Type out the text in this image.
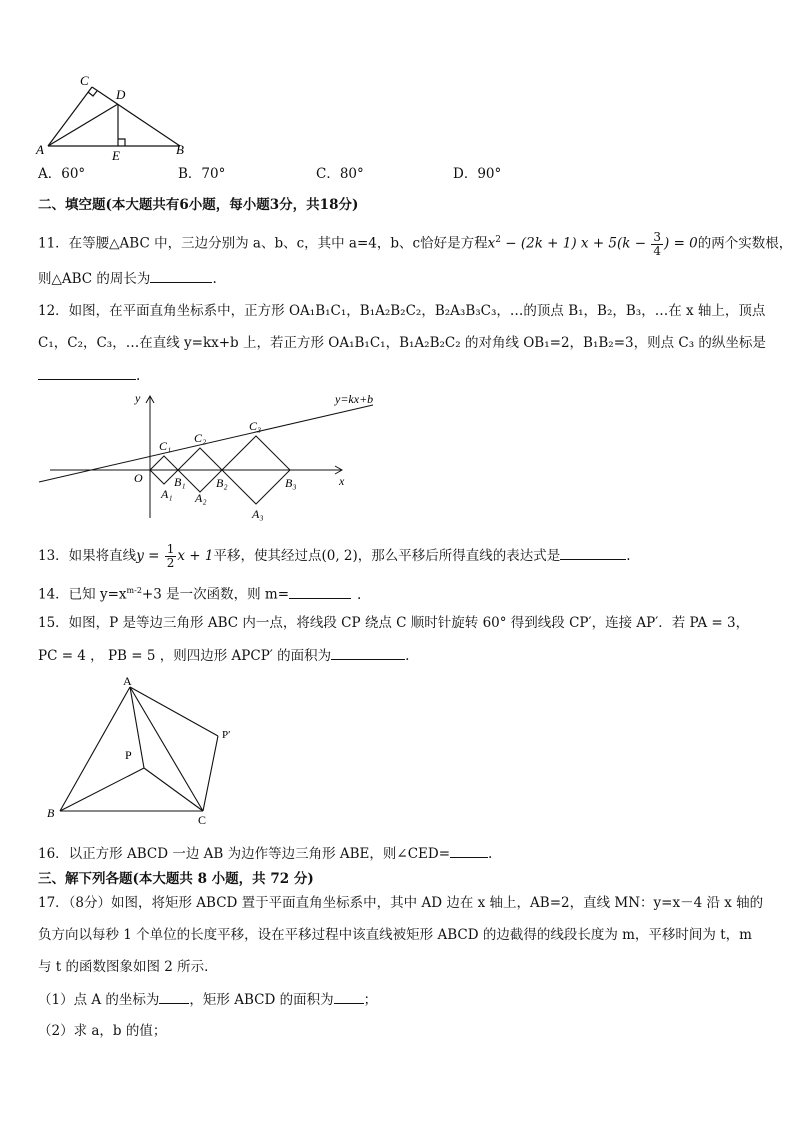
C
D
A	E	B
A．60°	B．70°	C．80°	D．90°
二、填空题(本大题共有6小题，每小题3分，共18分)
11．在等腰△ABC 中，三边分别为 a、b、c，其中 a=4，b、c恰好是方程$x^2 - (2k + 1) x + 5(k - \frac{3}{4}$ ) = 0的两个实数根，
则△ABC 的周长为	.
12．如图，在平面直角坐标系中，正方形 OA₁B₁C₁，B₁A₂B₂C₂，B₂A₃B₃C₃，…的顶点 B₁，B₂，B₃，…在 x 轴上，顶点
C₁，C₂，C₃，…在直线 y=kx+b 上，若正方形 OA₁B₁C₁，B₁A₂B₂C₂ 的对角线 OB₁=2，B₁B₂=3，则点 C₃ 的纵坐标是
.
y=kx+b
y
x
O
C₁
C₂
C₃
B₁	B₂	B₃
A₁ A₂
A₃
13．如果将直线$y = \frac{1}{2}$ x + 1平移，使其经过点(0, 2)，那么平移后所得直线的表达式是	.
14．已知 $y=x^{m-2}+3$ 是一次函数，则 m=	.
15．如图，P 是等边三角形 ABC 内一点，将线段 CP 绕点 C 顺时针旋转 60° 得到线段 CP′，连接 AP′．若 PA = 3，
PC = 4 ， PB = 5 ，则四边形 APCP′ 的面积为	.
A
P′
P
B	C
16．以正方形 ABCD 一边 AB 为边作等边三角形 ABE，则∠CED=	.
三、解下列各题(本大题共 8 小题，共 72 分)
17．（8分）如图，将矩形 ABCD 置于平面直角坐标系中，其中 AD 边在 x 轴上，AB=2，直线 MN：y=x－4 沿 x 轴的
负方向以每秒 1 个单位的长度平移，设在平移过程中该直线被矩形 ABCD 的边截得的线段长度为 m，平移时间为 t，m
与 t 的函数图象如图 2 所示．
（1）点 A 的坐标为 ，矩形 ABCD 的面积为 ；
（2）求 a，b 的值；
